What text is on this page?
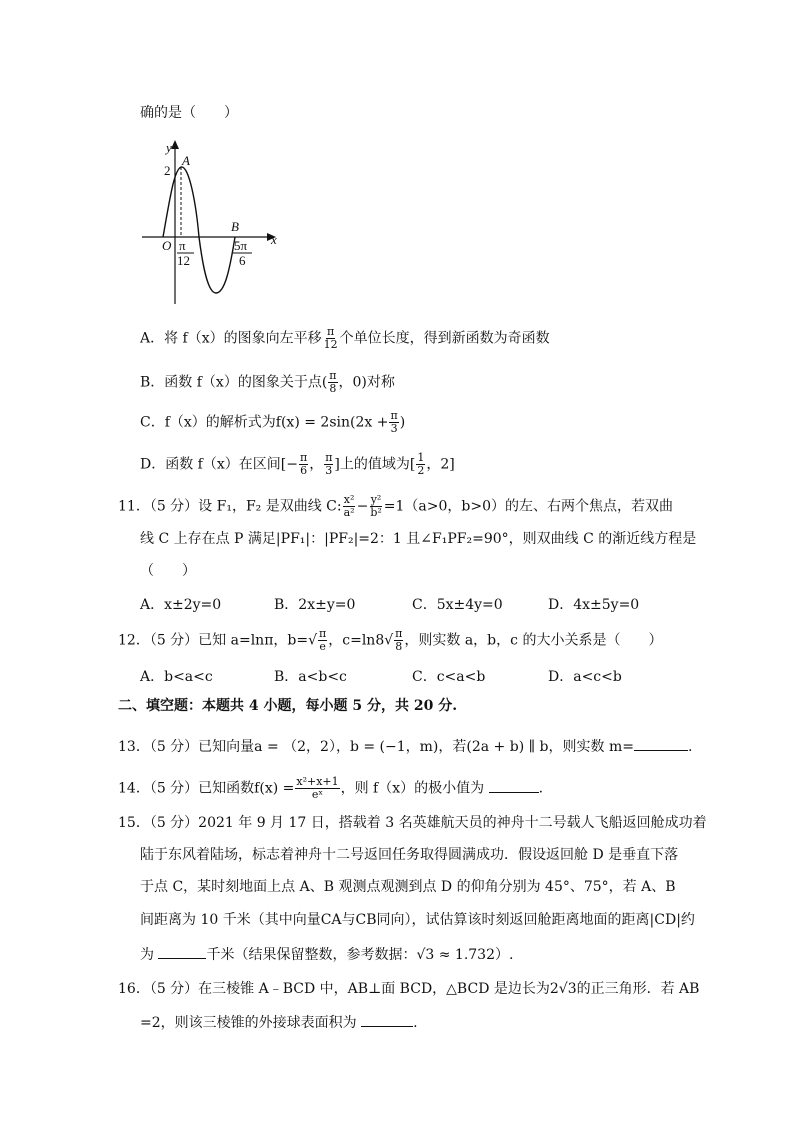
确的是（　　）
y
A
2
O
B
x
π
12
5π
6
A．将 f（x）的图象向左平移 $\frac{\pi}{12}$ 个单位长度，得到新函数为奇函数
B．函数 f（x）的图象关于点( $\frac{\pi}{8}$ ，0)对称
C．f（x）的解析式为$f(x) = 2\sin(2x + \frac{\pi}{3}$ )
D．函数 f（x）在区间[− $\frac{\pi}{6}$ ， $\frac{\pi}{3}$ ]上的值域为[ $\frac{1}{2}$ ，2]
11．（5 分）设 F₁，F₂ 是双曲线 C: $\frac{\text{x²}}{\text{a²}} - \frac{\text{y²}}{\text{b²}} =1(a>0$，b>0）的左、右两个焦点，若双曲
线 C 上存在点 P 满足|PF₁|：|PF₂|=2：1 且∠F₁PF₂=90°，则双曲线 C 的渐近线方程是
（　　）
A．x±2y=0	B．2x±y=0	C．5x±4y=0	D．4x±5y=0
12．（5 分）已知 a=lnπ，$b=√ \frac{\pi}{e}$ ，$c=\ln 8√ \frac{\pi}{8}$ ，则实数 a，b，c 的大小关系是（　　）
A．b<a<c	B．a<b<c	C．c<a<b	D．a<c<b
二、填空题：本题共 4 小题，每小题 5 分，共 20 分.
13．（5 分）已知向量a = （2，2），b = (−1，m)，若(2a + b) ∥ b，则实数 m=	.
14．（5 分）已知函数$f(x) = \frac{\text{x²+x+1}}{\text{eˣ}}$ ，则 f（x）的极小值为	.
15．（5 分）2021 年 9 月 17 日，搭载着 3 名英雄航天员的神舟十二号载人飞船返回舱成功着
陆于东风着陆场，标志着神舟十二号返回任务取得圆满成功．假设返回舱 D 是垂直下落
于点 C，某时刻地面上点 A、B 观测点观测到点 D 的仰角分别为 45°、75°，若 A、B
间距离为 10 千米（其中向量CA与CB同向），试估算该时刻返回舱距离地面的距离|CD|约
为	千米（结果保留整数，参考数据：√3 ≈ 1.732）.
16．（5 分）在三棱锥 A﹣BCD 中，AB⊥面 BCD，△BCD 是边长为2√3的正三角形．若 AB
=2，则该三棱锥的外接球表面积为	.
